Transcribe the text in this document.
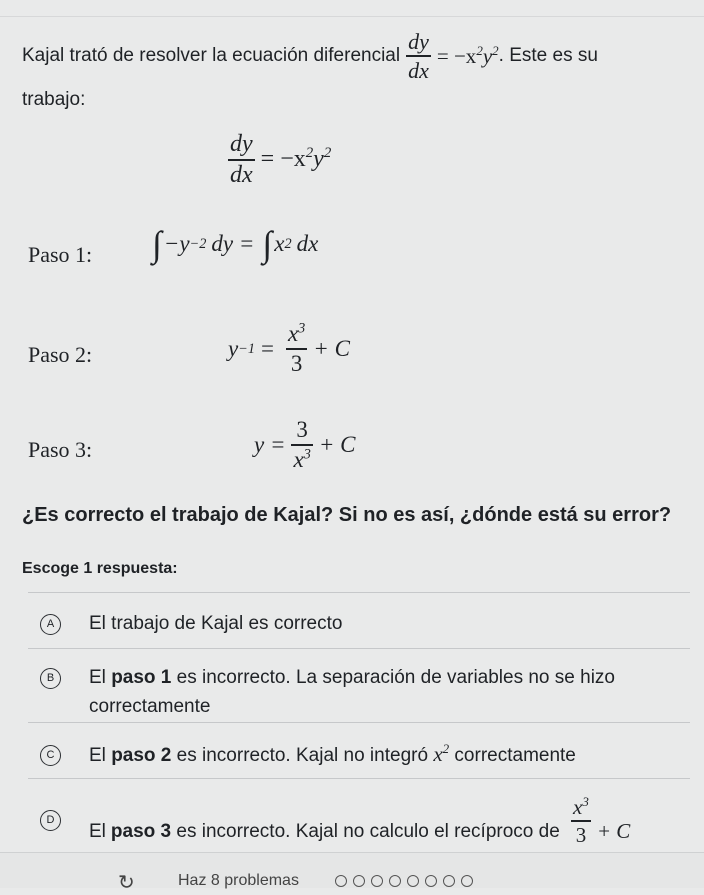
Kajal trató de resolver la ecuación diferencial $\frac{dy}{dx} = -x^2y^2$ . Este es su
trabajo:
$\frac{dy}{dx} = -x^2y^2$
Paso 1: ∫ −y −2 dy = ∫ x 2 dx
Paso 2:	$y -1 = \frac{x^3}{3} + C$
Paso 3:	$y = \frac{3}{x^3} + C$
¿Es correcto el trabajo de Kajal? Si no es así, ¿dónde está su error?
Escoge 1 respuesta:
A	El trabajo de Kajal es correcto
B	El paso 1 es incorrecto. La separación de variables no se hizo correctamente
C	El paso 2 es incorrecto. Kajal no integró $x^2$ correctamente
D
El paso 3 es incorrecto. Kajal no calculo el recíproco de $\frac{x^3}{3} + C$
↻	Haz 8 problemas
